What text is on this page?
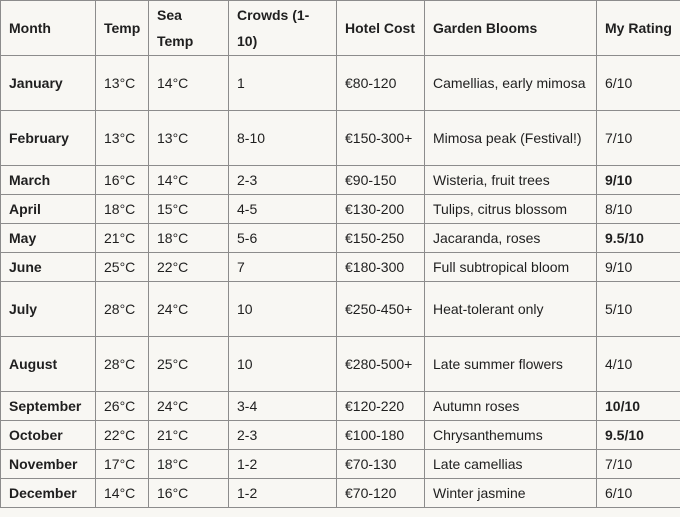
Month	Temp	Sea Temp	Crowds (1-10)	Hotel Cost	Garden Blooms	My Rating
January	13°C	14°C	1	€80-120	Camellias, early mimosa	6/10
February	13°C	13°C	8-10	€150-300+	Mimosa peak (Festival!)	7/10
March	16°C	14°C	2-3	€90-150	Wisteria, fruit trees	9/10
April	18°C	15°C	4-5	€130-200	Tulips, citrus blossom	8/10
May	21°C	18°C	5-6	€150-250	Jacaranda, roses	9.5/10
June	25°C	22°C	7	€180-300	Full subtropical bloom	9/10
July	28°C	24°C	10	€250-450+	Heat-tolerant only	5/10
August	28°C	25°C	10	€280-500+	Late summer flowers	4/10
September	26°C	24°C	3-4	€120-220	Autumn roses	10/10
October	22°C	21°C	2-3	€100-180	Chrysanthemums	9.5/10
November	17°C	18°C	1-2	€70-130	Late camellias	7/10
December	14°C	16°C	1-2	€70-120	Winter jasmine	6/10
